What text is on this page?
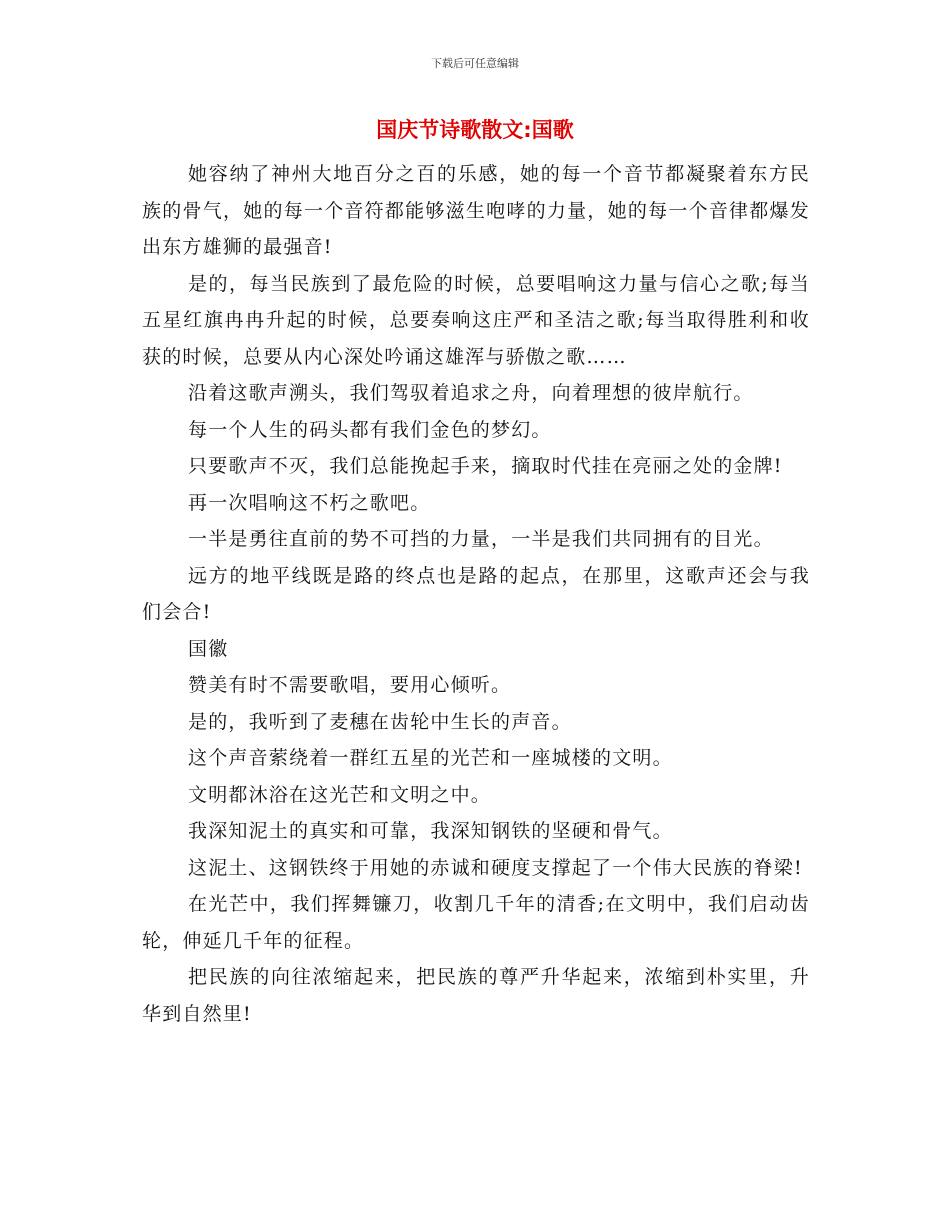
下载后可任意编辑
国庆节诗歌散文:国歌

她容纳了神州大地百分之百的乐感，她的每一个音节都凝聚着东方民族的骨气，她的每一个音符都能够滋生咆哮的力量，她的每一个音律都爆发出东方雄狮的最强音!

是的，每当民族到了最危险的时候，总要唱响这力量与信心之歌;每当五星红旗冉冉升起的时候，总要奏响这庄严和圣洁之歌;每当取得胜利和收获的时候，总要从内心深处吟诵这雄浑与骄傲之歌……

沿着这歌声溯头，我们驾驭着追求之舟，向着理想的彼岸航行。

每一个人生的码头都有我们金色的梦幻。

只要歌声不灭，我们总能挽起手来，摘取时代挂在亮丽之处的金牌!

再一次唱响这不朽之歌吧。

一半是勇往直前的势不可挡的力量，一半是我们共同拥有的目光。

远方的地平线既是路的终点也是路的起点，在那里，这歌声还会与我们会合!

国徽

赞美有时不需要歌唱，要用心倾听。

是的，我听到了麦穗在齿轮中生长的声音。

这个声音萦绕着一群红五星的光芒和一座城楼的文明。

文明都沐浴在这光芒和文明之中。

我深知泥土的真实和可靠，我深知钢铁的坚硬和骨气。

这泥土、这钢铁终于用她的赤诚和硬度支撑起了一个伟大民族的脊梁!

在光芒中，我们挥舞镰刀，收割几千年的清香;在文明中，我们启动齿轮，伸延几千年的征程。

把民族的向往浓缩起来，把民族的尊严升华起来，浓缩到朴实里，升华到自然里!
